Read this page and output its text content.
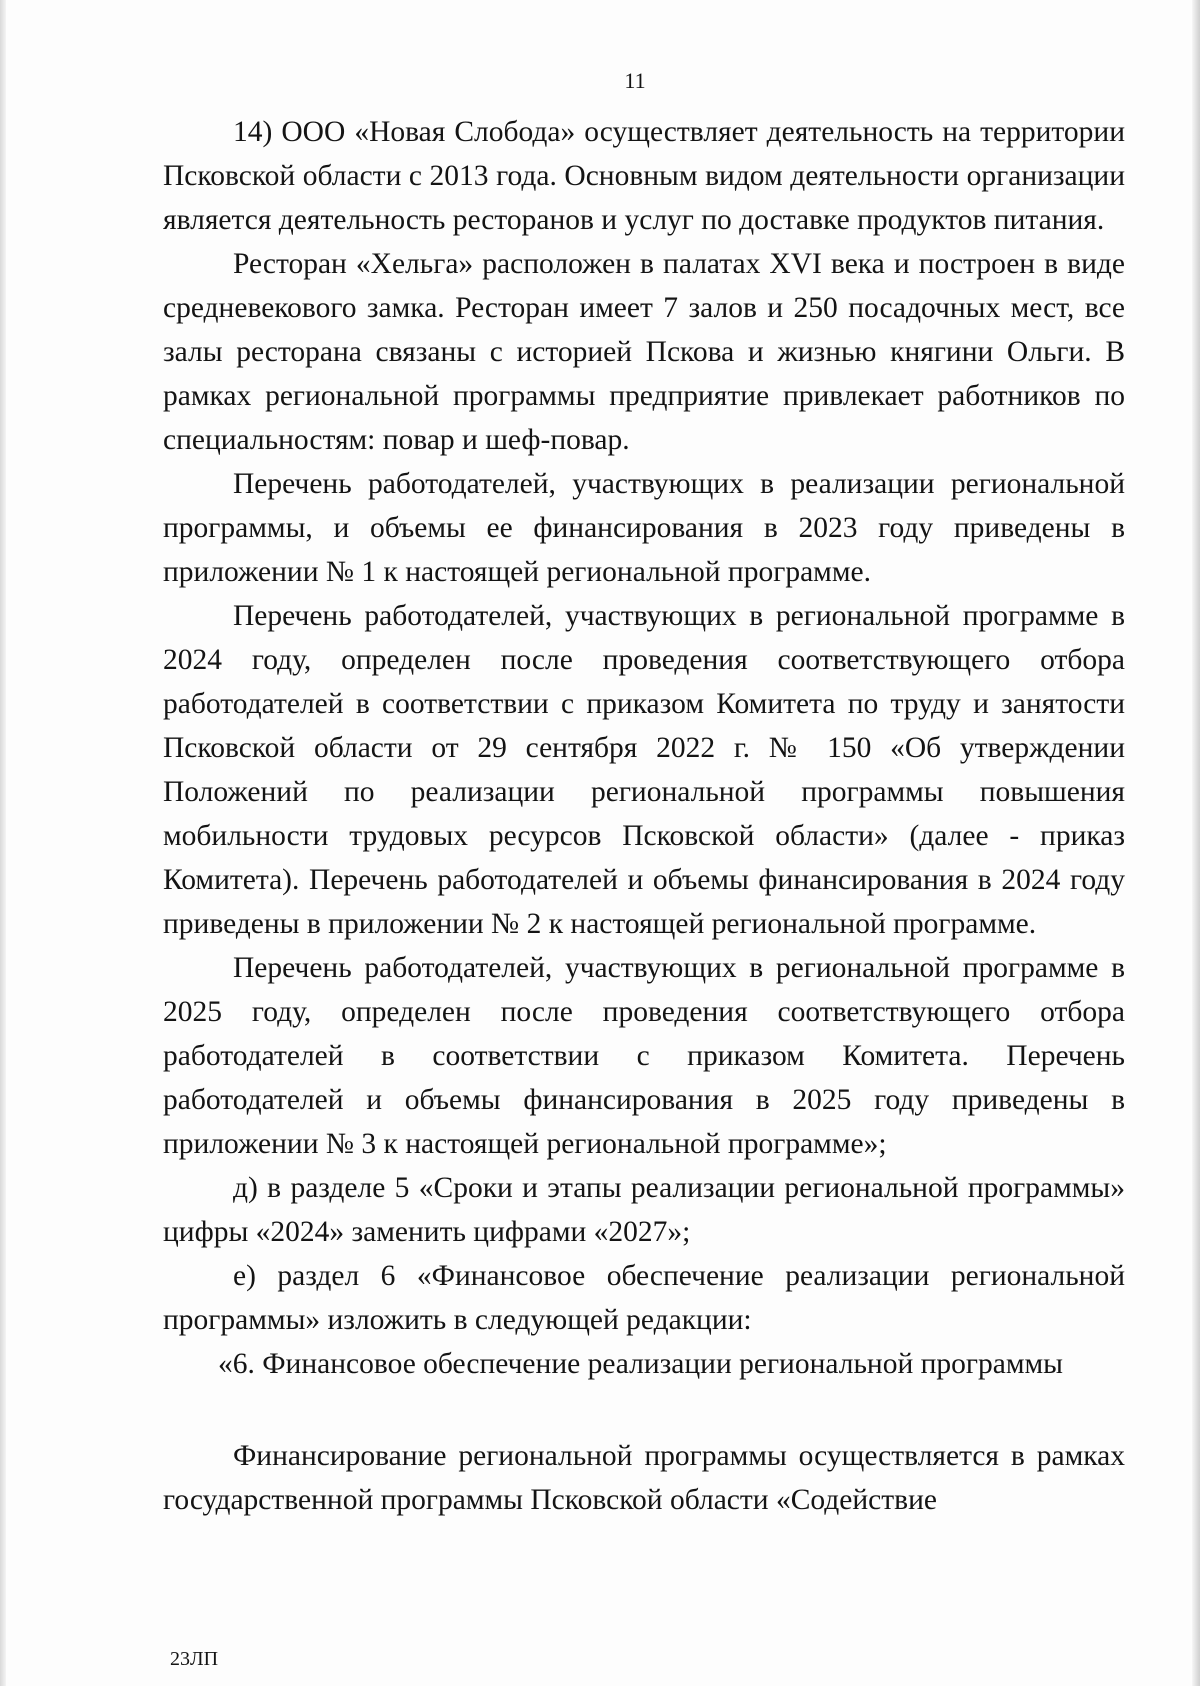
11

14) ООО «Новая Слобода» осуществляет деятельность на территории Псковской области с 2013 года. Основным видом деятельности организации является деятельность ресторанов и услуг по доставке продуктов питания.

Ресторан «Хельга» расположен в палатах XVI века и построен в виде средневекового замка. Ресторан имеет 7 залов и 250 посадочных мест, все залы ресторана связаны с историей Пскова и жизнью княгини Ольги. В рамках региональной программы предприятие привлекает работников по специальностям: повар и шеф-повар.

Перечень работодателей, участвующих в реализации региональной программы, и объемы ее финансирования в 2023 году приведены в приложении № 1 к настоящей региональной программе.

Перечень работодателей, участвующих в региональной программе в 2024 году, определен после проведения соответствующего отбора работодателей в соответствии с приказом Комитета по труду и занятости Псковской области от 29 сентября 2022 г. № 150 «Об утверждении Положений по реализации региональной программы повышения мобильности трудовых ресурсов Псковской области» (далее - приказ Комитета). Перечень работодателей и объемы финансирования в 2024 году приведены в приложении № 2 к настоящей региональной программе.

Перечень работодателей, участвующих в региональной программе в 2025 году, определен после проведения соответствующего отбора работодателей в соответствии с приказом Комитета. Перечень работодателей и объемы финансирования в 2025 году приведены в приложении № 3 к настоящей региональной программе»;

д) в разделе 5 «Сроки и этапы реализации региональной программы» цифры «2024» заменить цифрами «2027»;

е) раздел 6 «Финансовое обеспечение реализации региональной программы» изложить в следующей редакции:

«6. Финансовое обеспечение реализации региональной программы

Финансирование региональной программы осуществляется в рамках государственной программы Псковской области «Содействие

23ЛП
